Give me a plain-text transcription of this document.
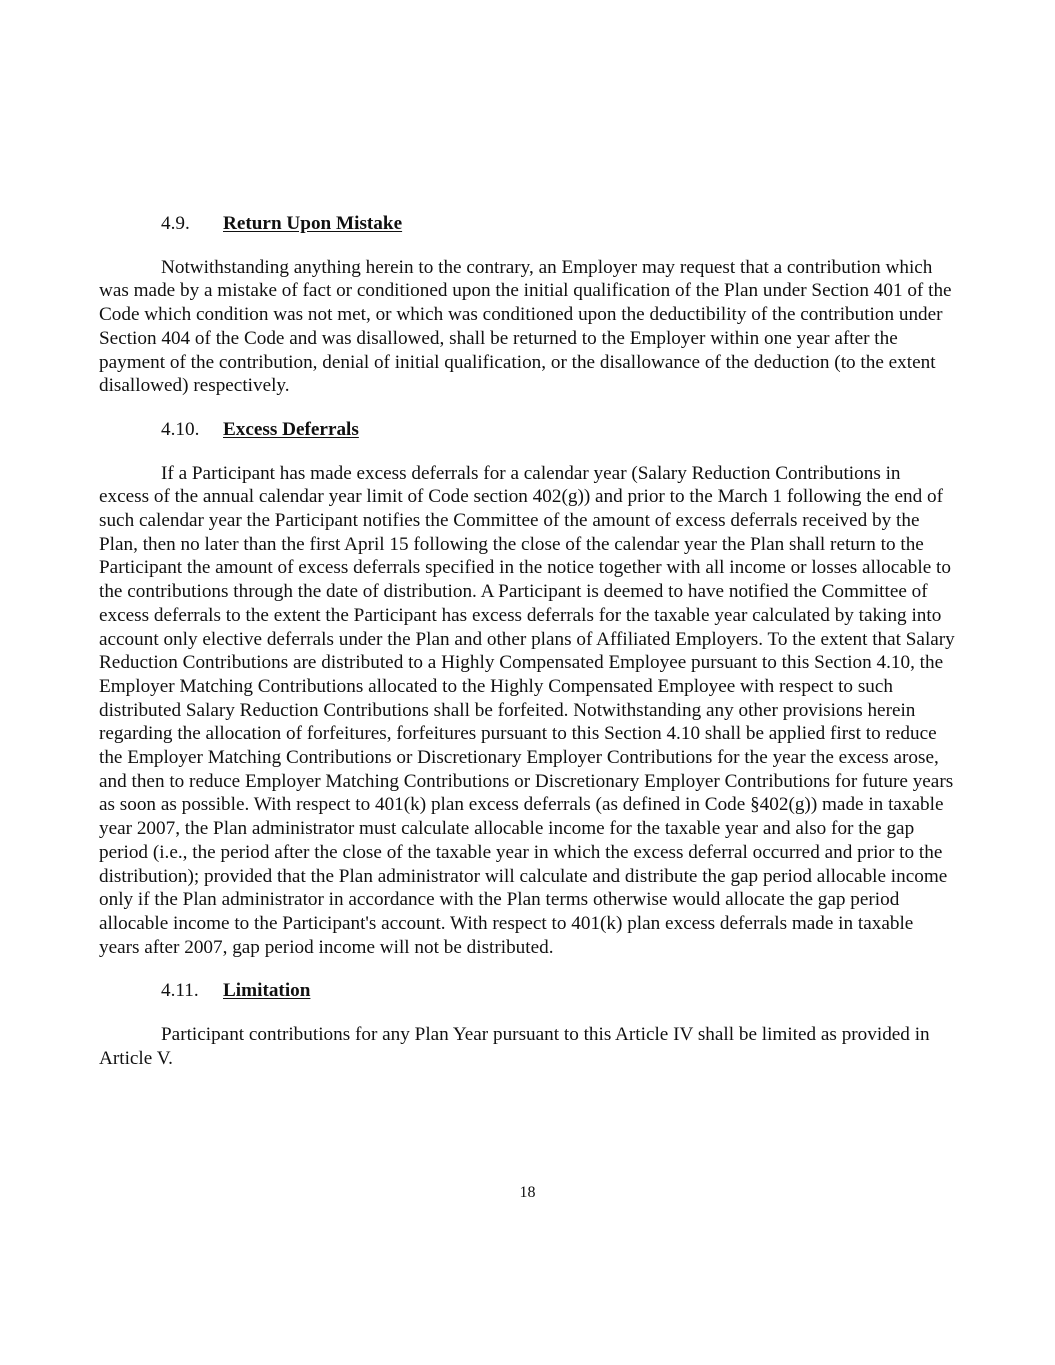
4.9. Return Upon Mistake

Notwithstanding anything herein to the contrary, an Employer may request that a contribution which was made by a mistake of fact or conditioned upon the initial qualification of the Plan under Section 401 of the Code which condition was not met, or which was conditioned upon the deductibility of the contribution under Section 404 of the Code and was disallowed, shall be returned to the Employer within one year after the payment of the contribution, denial of initial qualification, or the disallowance of the deduction (to the extent disallowed) respectively.

4.10. Excess Deferrals

If a Participant has made excess deferrals for a calendar year (Salary Reduction Contributions in excess of the annual calendar year limit of Code section 402(g)) and prior to the March 1 following the end of such calendar year the Participant notifies the Committee of the amount of excess deferrals received by the Plan, then no later than the first April 15 following the close of the calendar year the Plan shall return to the Participant the amount of excess deferrals specified in the notice together with all income or losses allocable to the contributions through the date of distribution. A Participant is deemed to have notified the Committee of excess deferrals to the extent the Participant has excess deferrals for the taxable year calculated by taking into account only elective deferrals under the Plan and other plans of Affiliated Employers. To the extent that Salary Reduction Contributions are distributed to a Highly Compensated Employee pursuant to this Section 4.10, the Employer Matching Contributions allocated to the Highly Compensated Employee with respect to such distributed Salary Reduction Contributions shall be forfeited. Notwithstanding any other provisions herein regarding the allocation of forfeitures, forfeitures pursuant to this Section 4.10 shall be applied first to reduce the Employer Matching Contributions or Discretionary Employer Contributions for the year the excess arose, and then to reduce Employer Matching Contributions or Discretionary Employer Contributions for future years as soon as possible. With respect to 401(k) plan excess deferrals (as defined in Code §402(g)) made in taxable year 2007, the Plan administrator must calculate allocable income for the taxable year and also for the gap period (i.e., the period after the close of the taxable year in which the excess deferral occurred and prior to the distribution); provided that the Plan administrator will calculate and distribute the gap period allocable income only if the Plan administrator in accordance with the Plan terms otherwise would allocate the gap period allocable income to the Participant's account. With respect to 401(k) plan excess deferrals made in taxable years after 2007, gap period income will not be distributed.

4.11. Limitation

Participant contributions for any Plan Year pursuant to this Article IV shall be limited as provided in Article V.

18
